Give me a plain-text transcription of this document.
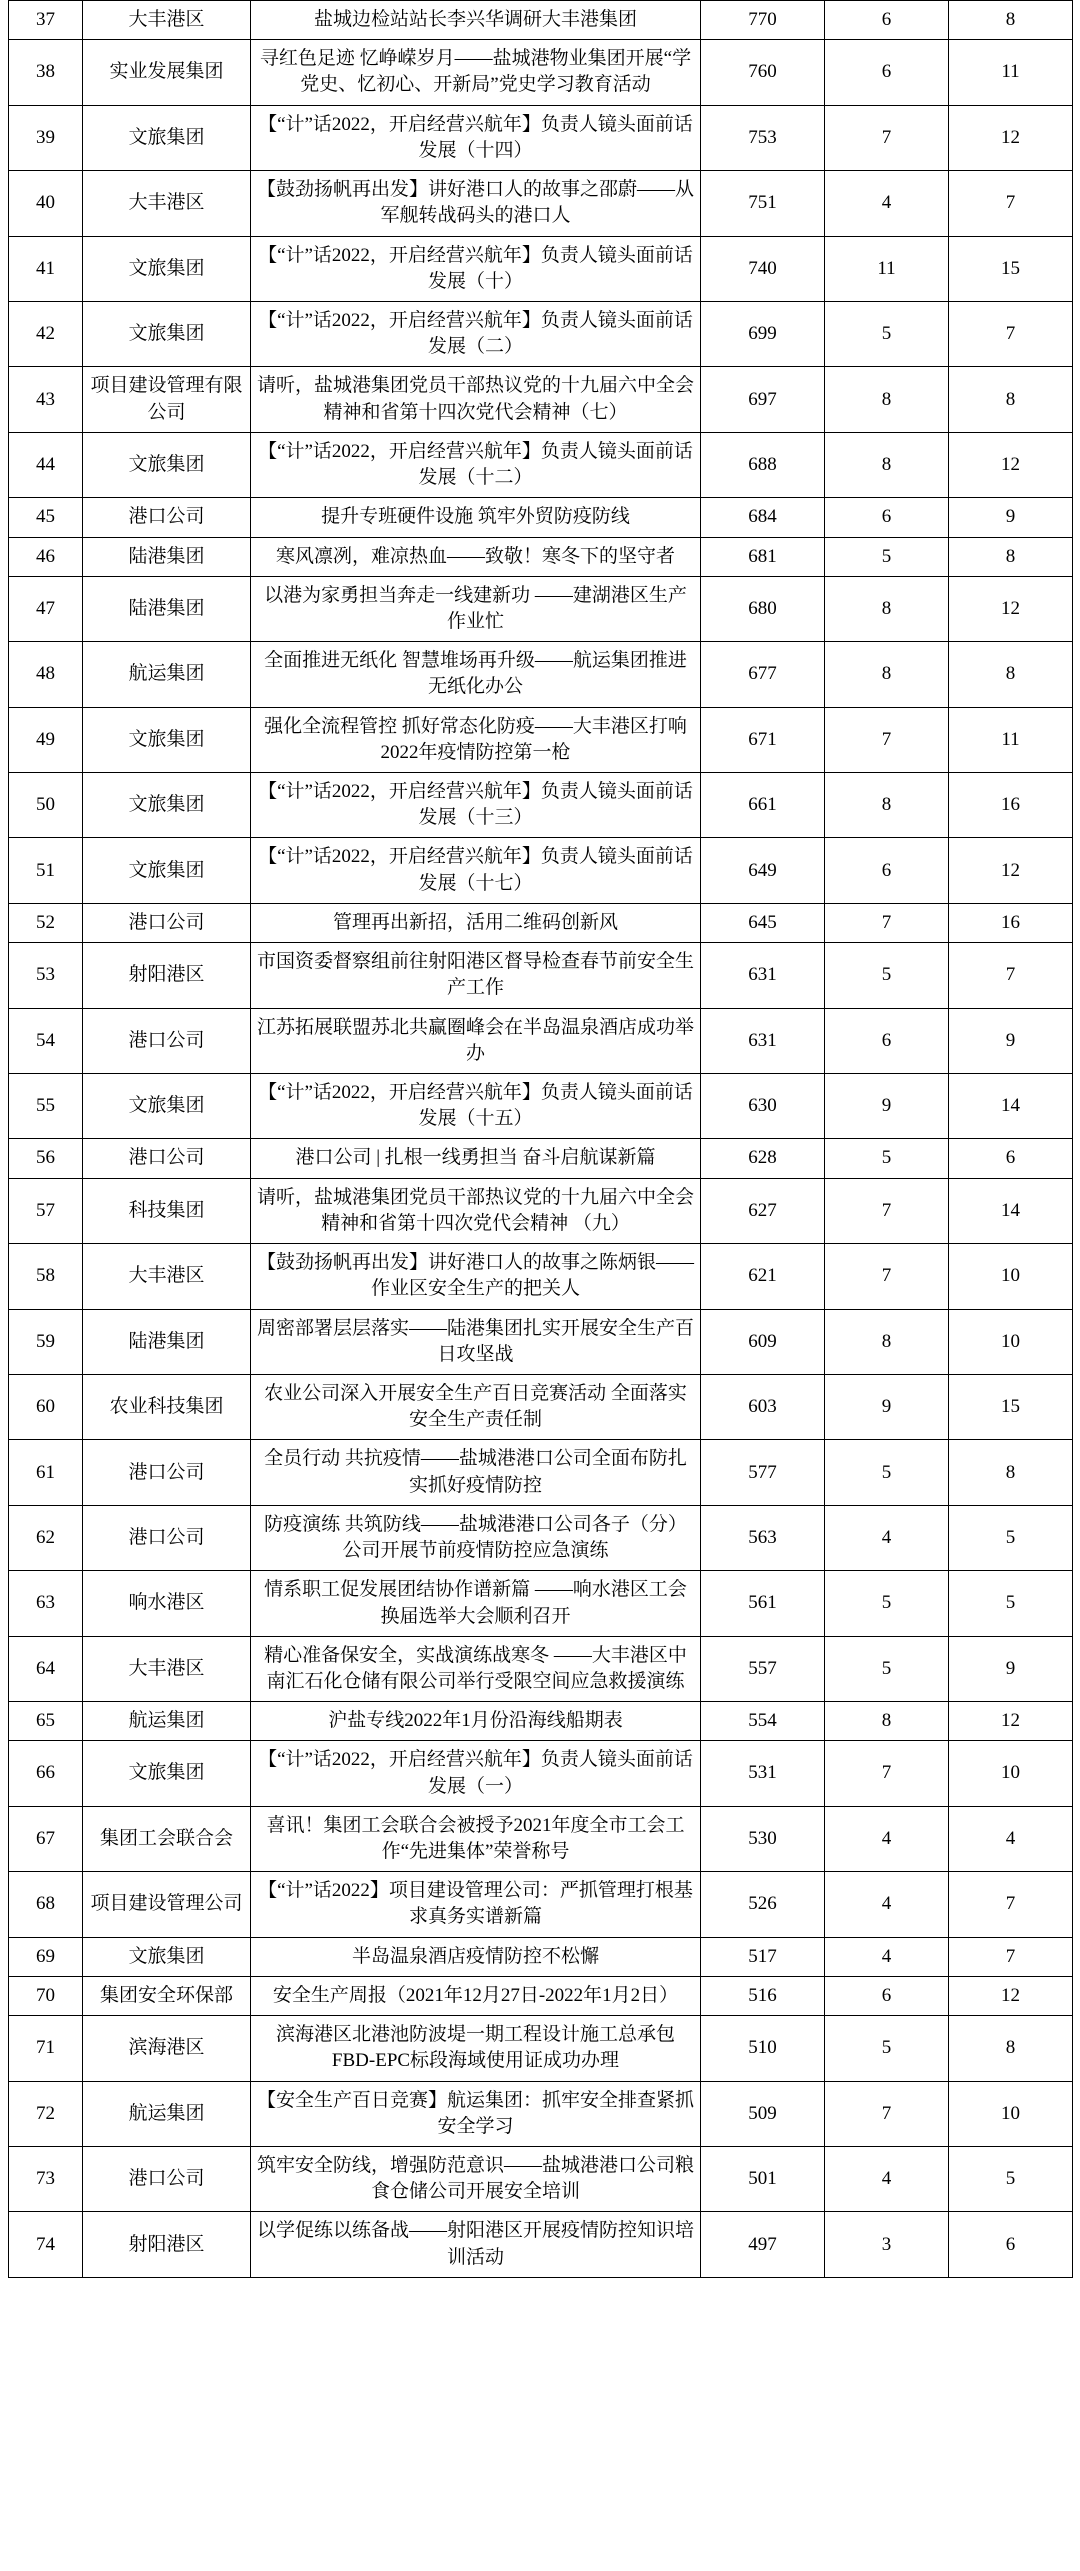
37	大丰港区	盐城边检站站长李兴华调研大丰港集团	770	6	8
38	实业发展集团	寻红色足迹 忆峥嵘岁月——盐城港物业集团开展“学党史、忆初心、开新局”党史学习教育活动	760	6	11
39	文旅集团	【“计”话2022，开启经营兴航年】负责人镜头面前话发展（十四）	753	7	12
40	大丰港区	【鼓劲扬帆再出发】讲好港口人的故事之邵蔚——从军舰转战码头的港口人	751	4	7
41	文旅集团	【“计”话2022，开启经营兴航年】负责人镜头面前话发展（十）	740	11	15
42	文旅集团	【“计”话2022，开启经营兴航年】负责人镜头面前话发展（二）	699	5	7
43	项目建设管理有限公司	请听，盐城港集团党员干部热议党的十九届六中全会精神和省第十四次党代会精神（七）	697	8	8
44	文旅集团	【“计”话2022，开启经营兴航年】负责人镜头面前话发展（十二）	688	8	12
45	港口公司	提升专班硬件设施 筑牢外贸防疫防线	684	6	9
46	陆港集团	寒风凛冽，难凉热血——致敬！寒冬下的坚守者	681	5	8
47	陆港集团	以港为家勇担当奔走一线建新功 ——建湖港区生产作业忙	680	8	12
48	航运集团	全面推进无纸化 智慧堆场再升级——航运集团推进无纸化办公	677	8	8
49	文旅集团	强化全流程管控 抓好常态化防疫——大丰港区打响2022年疫情防控第一枪	671	7	11
50	文旅集团	【“计”话2022，开启经营兴航年】负责人镜头面前话发展（十三）	661	8	16
51	文旅集团	【“计”话2022，开启经营兴航年】负责人镜头面前话发展（十七）	649	6	12
52	港口公司	管理再出新招，活用二维码创新风	645	7	16
53	射阳港区	市国资委督察组前往射阳港区督导检查春节前安全生产工作	631	5	7
54	港口公司	江苏拓展联盟苏北共赢圈峰会在半岛温泉酒店成功举办	631	6	9
55	文旅集团	【“计”话2022，开启经营兴航年】负责人镜头面前话发展（十五）	630	9	14
56	港口公司	港口公司 | 扎根一线勇担当 奋斗启航谋新篇	628	5	6
57	科技集团	请听，盐城港集团党员干部热议党的十九届六中全会精神和省第十四次党代会精神 （九）	627	7	14
58	大丰港区	【鼓劲扬帆再出发】讲好港口人的故事之陈炳银——作业区安全生产的把关人	621	7	10
59	陆港集团	周密部署层层落实——陆港集团扎实开展安全生产百日攻坚战	609	8	10
60	农业科技集团	农业公司深入开展安全生产百日竞赛活动 全面落实安全生产责任制	603	9	15
61	港口公司	全员行动 共抗疫情——盐城港港口公司全面布防扎实抓好疫情防控	577	5	8
62	港口公司	防疫演练 共筑防线——盐城港港口公司各子（分）公司开展节前疫情防控应急演练	563	4	5
63	响水港区	情系职工促发展团结协作谱新篇 ——响水港区工会换届选举大会顺利召开	561	5	5
64	大丰港区	精心准备保安全，实战演练战寒冬 ——大丰港区中南汇石化仓储有限公司举行受限空间应急救援演练	557	5	9
65	航运集团	沪盐专线2022年1月份沿海线船期表	554	8	12
66	文旅集团	【“计”话2022，开启经营兴航年】负责人镜头面前话发展（一）	531	7	10
67	集团工会联合会	喜讯！集团工会联合会被授予2021年度全市工会工作“先进集体”荣誉称号	530	4	4
68	项目建设管理公司	【“计”话2022】项目建设管理公司：严抓管理打根基 求真务实谱新篇	526	4	7
69	文旅集团	半岛温泉酒店疫情防控不松懈	517	4	7
70	集团安全环保部	安全生产周报（2021年12月27日-2022年1月2日）	516	6	12
71	滨海港区	滨海港区北港池防波堤一期工程设计施工总承包FBD-EPC标段海域使用证成功办理	510	5	8
72	航运集团	【安全生产百日竞赛】航运集团：抓牢安全排查紧抓安全学习	509	7	10
73	港口公司	筑牢安全防线，增强防范意识——盐城港港口公司粮食仓储公司开展安全培训	501	4	5
74	射阳港区	以学促练以练备战——射阳港区开展疫情防控知识培训活动	497	3	6
